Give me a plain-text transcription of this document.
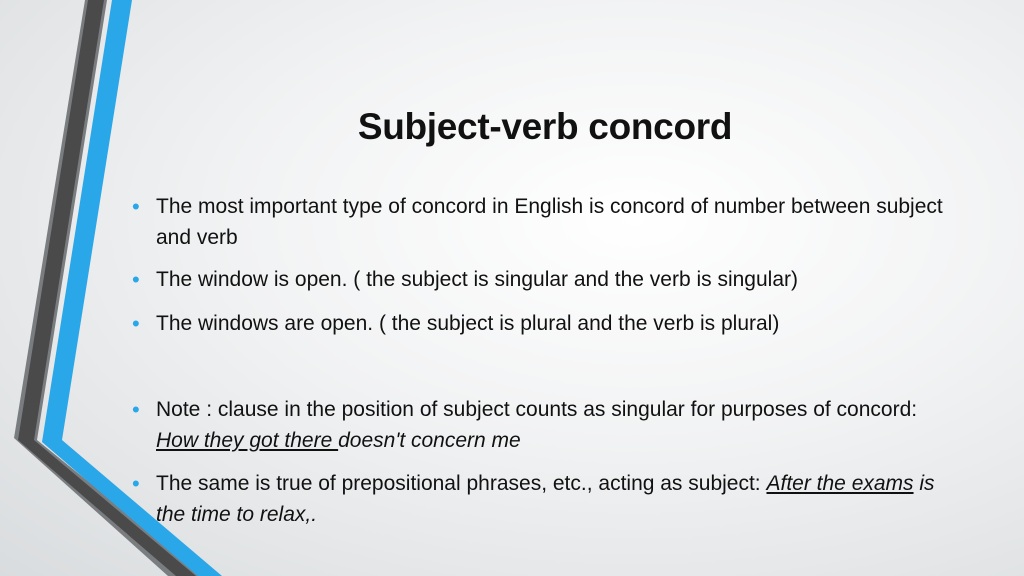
Subject-verb concord
• The most important type of concord in English is concord of number between subject and verb
• The window is open. ( the subject is singular and the verb is singular)
• The windows are open. ( the subject is plural and the verb is plural)
• Note : clause in the position of subject counts as singular for purposes of concord: How they got there doesn't concern me
• The same is true of prepositional phrases, etc., acting as subject: After the exams is the time to relax,.
